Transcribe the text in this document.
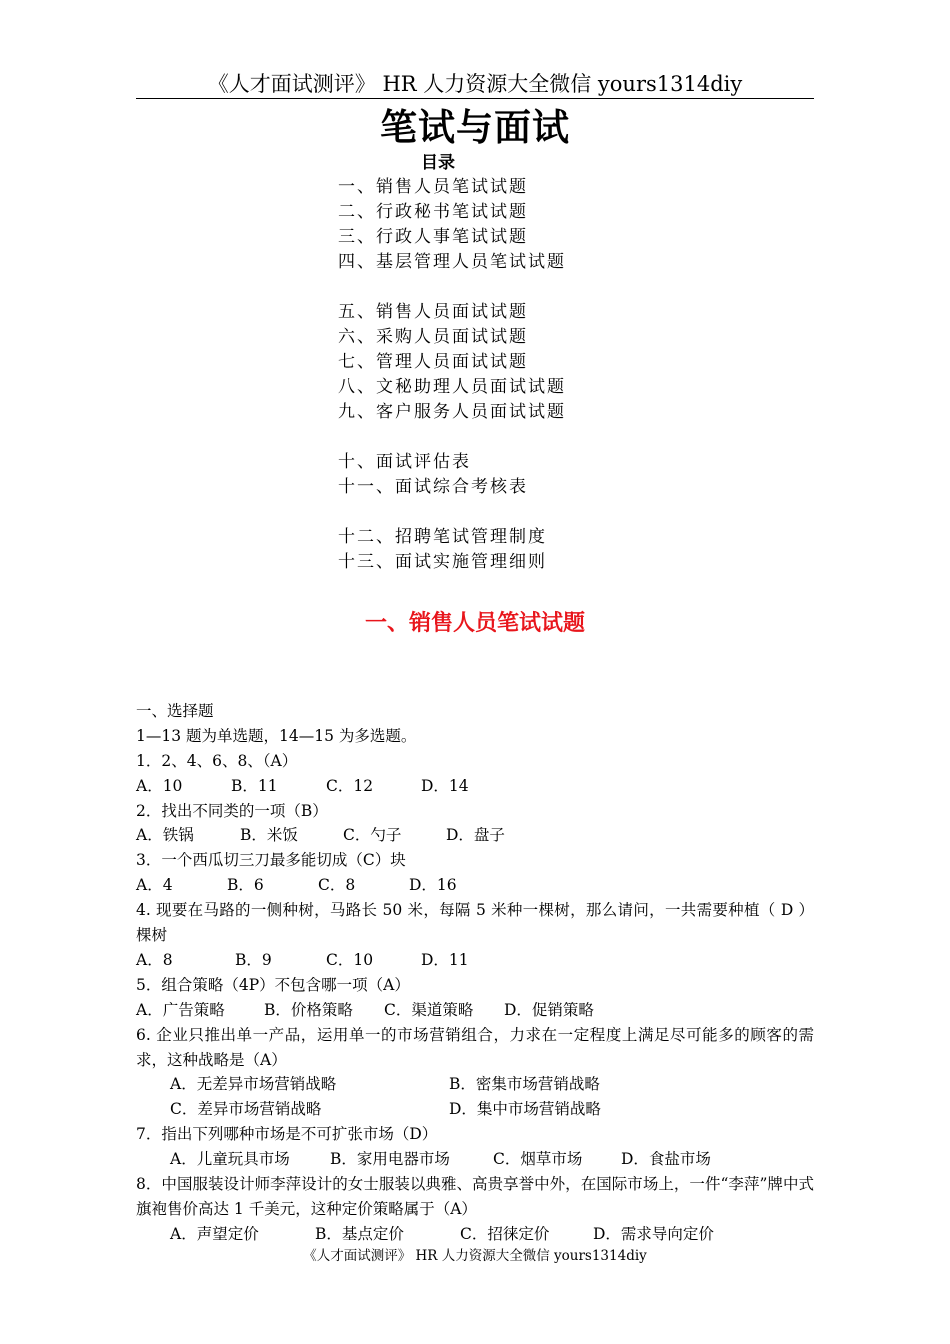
《人才面试测评》 HR 人力资源大全微信 yours1314diy
笔试与面试
目录
一、销售人员笔试试题
二、行政秘书笔试试题
三、行政人事笔试试题
四、基层管理人员笔试试题
五、销售人员面试试题
六、采购人员面试试题
七、管理人员面试试题
八、文秘助理人员面试试题
九、客户服务人员面试试题
十、面试评估表
十一、面试综合考核表
十二、招聘笔试管理制度
十三、面试实施管理细则
一、销售人员笔试试题
一、选择题
1—13 题为单选题，14—15 为多选题。
1．2、4、6、8、（A）
A．10	B．11	C．12	D．14
2．找出不同类的一项（B）
A．铁锅	B．米饭	C．勺子	D．盘子
3．一个西瓜切三刀最多能切成（C）块
A．4	B．6	C．8	D．16
4. 现要在马路的一侧种树，马路长 50 米，每隔 5 米种一棵树，那么请问，一共需要种植（ D ）棵树
A．8	B．9	C．10	D．11
5．组合策略（4P）不包含哪一项（A）
A．广告策略	B．价格策略	C．渠道策略	D．促销策略
6. 企业只推出单一产品，运用单一的市场营销组合，力求在一定程度上满足尽可能多的顾客的需求，这种战略是（A）
A．无差异市场营销战略	B．密集市场营销战略
C．差异市场营销战略	D．集中市场营销战略
7．指出下列哪种市场是不可扩张市场（D）
A．儿童玩具市场	B．家用电器市场	C．烟草市场	D．食盐市场
8．中国服装设计师李萍设计的女士服装以典雅、高贵享誉中外，在国际市场上，一件“李萍”牌中式旗袍售价高达 1 千美元，这种定价策略属于（A）
A．声望定价	B．基点定价	C．招徕定价	D．需求导向定价
《人才面试测评》 HR 人力资源大全微信 yours1314diy
